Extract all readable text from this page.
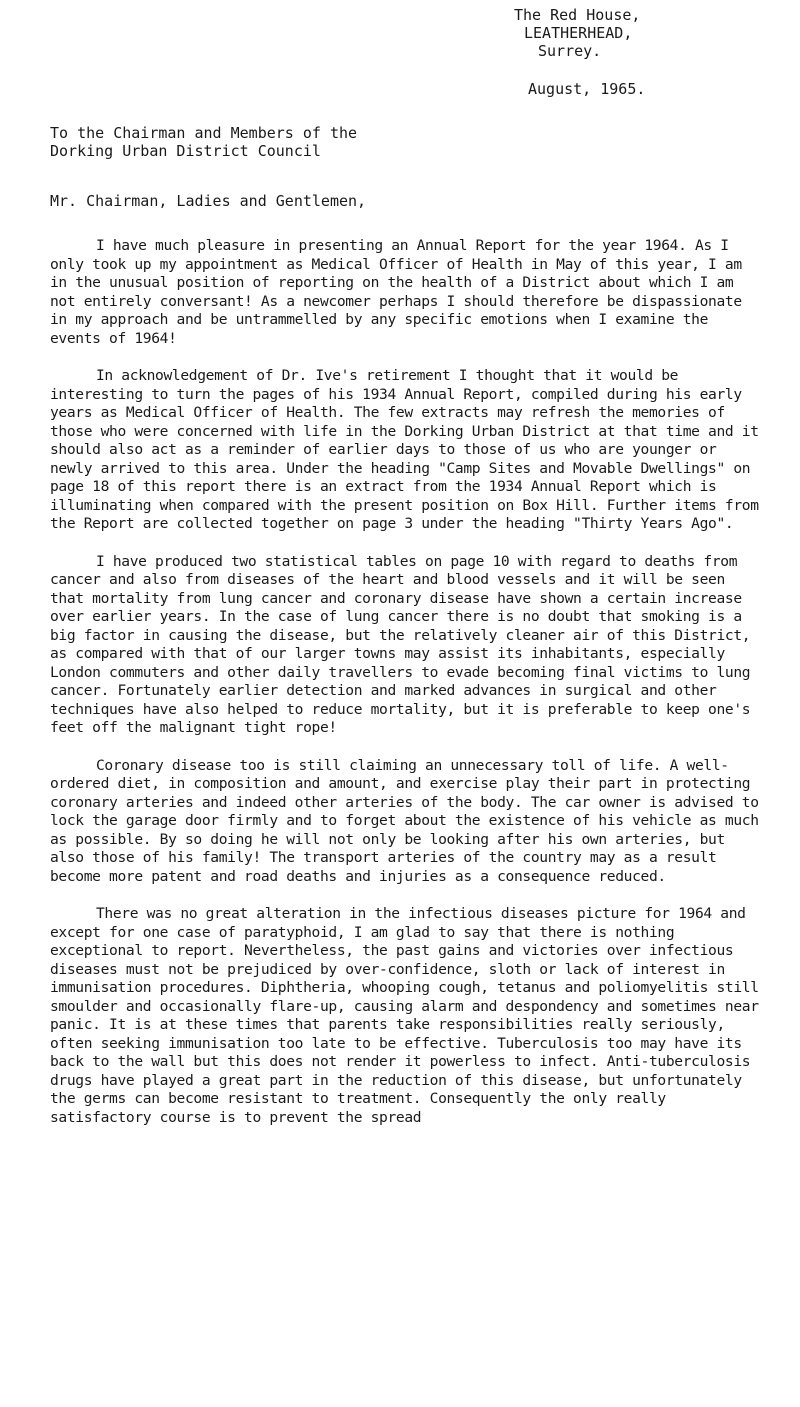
The Red House,
LEATHERHEAD,
Surrey.
August, 1965.
To the Chairman and Members of the
Dorking Urban District Council
Mr. Chairman, Ladies and Gentlemen,

I have much pleasure in presenting an Annual Report for the year 1964. As I only took up my appointment as Medical Officer of Health in May of this year, I am in the unusual position of reporting on the health of a District about which I am not entirely conversant! As a newcomer perhaps I should therefore be dispassionate in my approach and be untrammelled by any specific emotions when I examine the events of 1964!

In acknowledgement of Dr. Ive's retirement I thought that it would be interesting to turn the pages of his 1934 Annual Report, compiled during his early years as Medical Officer of Health. The few extracts may refresh the memories of those who were concerned with life in the Dorking Urban District at that time and it should also act as a reminder of earlier days to those of us who are younger or newly arrived to this area. Under the heading "Camp Sites and Movable Dwellings" on page 18 of this report there is an extract from the 1934 Annual Report which is illuminating when compared with the present position on Box Hill. Further items from the Report are collected together on page 3 under the heading "Thirty Years Ago".

I have produced two statistical tables on page 10 with regard to deaths from cancer and also from diseases of the heart and blood vessels and it will be seen that mortality from lung cancer and coronary disease have shown a certain increase over earlier years. In the case of lung cancer there is no doubt that smoking is a big factor in causing the disease, but the relatively cleaner air of this District, as compared with that of our larger towns may assist its inhabitants, especially London commuters and other daily travellers to evade becoming final victims to lung cancer. Fortunately earlier detection and marked advances in surgical and other techniques have also helped to reduce mortality, but it is preferable to keep one's feet off the malignant tight rope!

Coronary disease too is still claiming an unnecessary toll of life. A well-ordered diet, in composition and amount, and exercise play their part in protecting coronary arteries and indeed other arteries of the body. The car owner is advised to lock the garage door firmly and to forget about the existence of his vehicle as much as possible. By so doing he will not only be looking after his own arteries, but also those of his family! The transport arteries of the country may as a result become more patent and road deaths and injuries as a consequence reduced.

There was no great alteration in the infectious diseases picture for 1964 and except for one case of paratyphoid, I am glad to say that there is nothing exceptional to report. Nevertheless, the past gains and victories over infectious diseases must not be prejudiced by over-confidence, sloth or lack of interest in immunisation procedures. Diphtheria, whooping cough, tetanus and poliomyelitis still smoulder and occasionally flare-up, causing alarm and despondency and sometimes near panic. It is at these times that parents take responsibilities really seriously, often seeking immunisation too late to be effective. Tuberculosis too may have its back to the wall but this does not render it powerless to infect. Anti-tuberculosis drugs have played a great part in the reduction of this disease, but unfortunately the germs can become resistant to treatment. Consequently the only really satisfactory course is to prevent the spread
